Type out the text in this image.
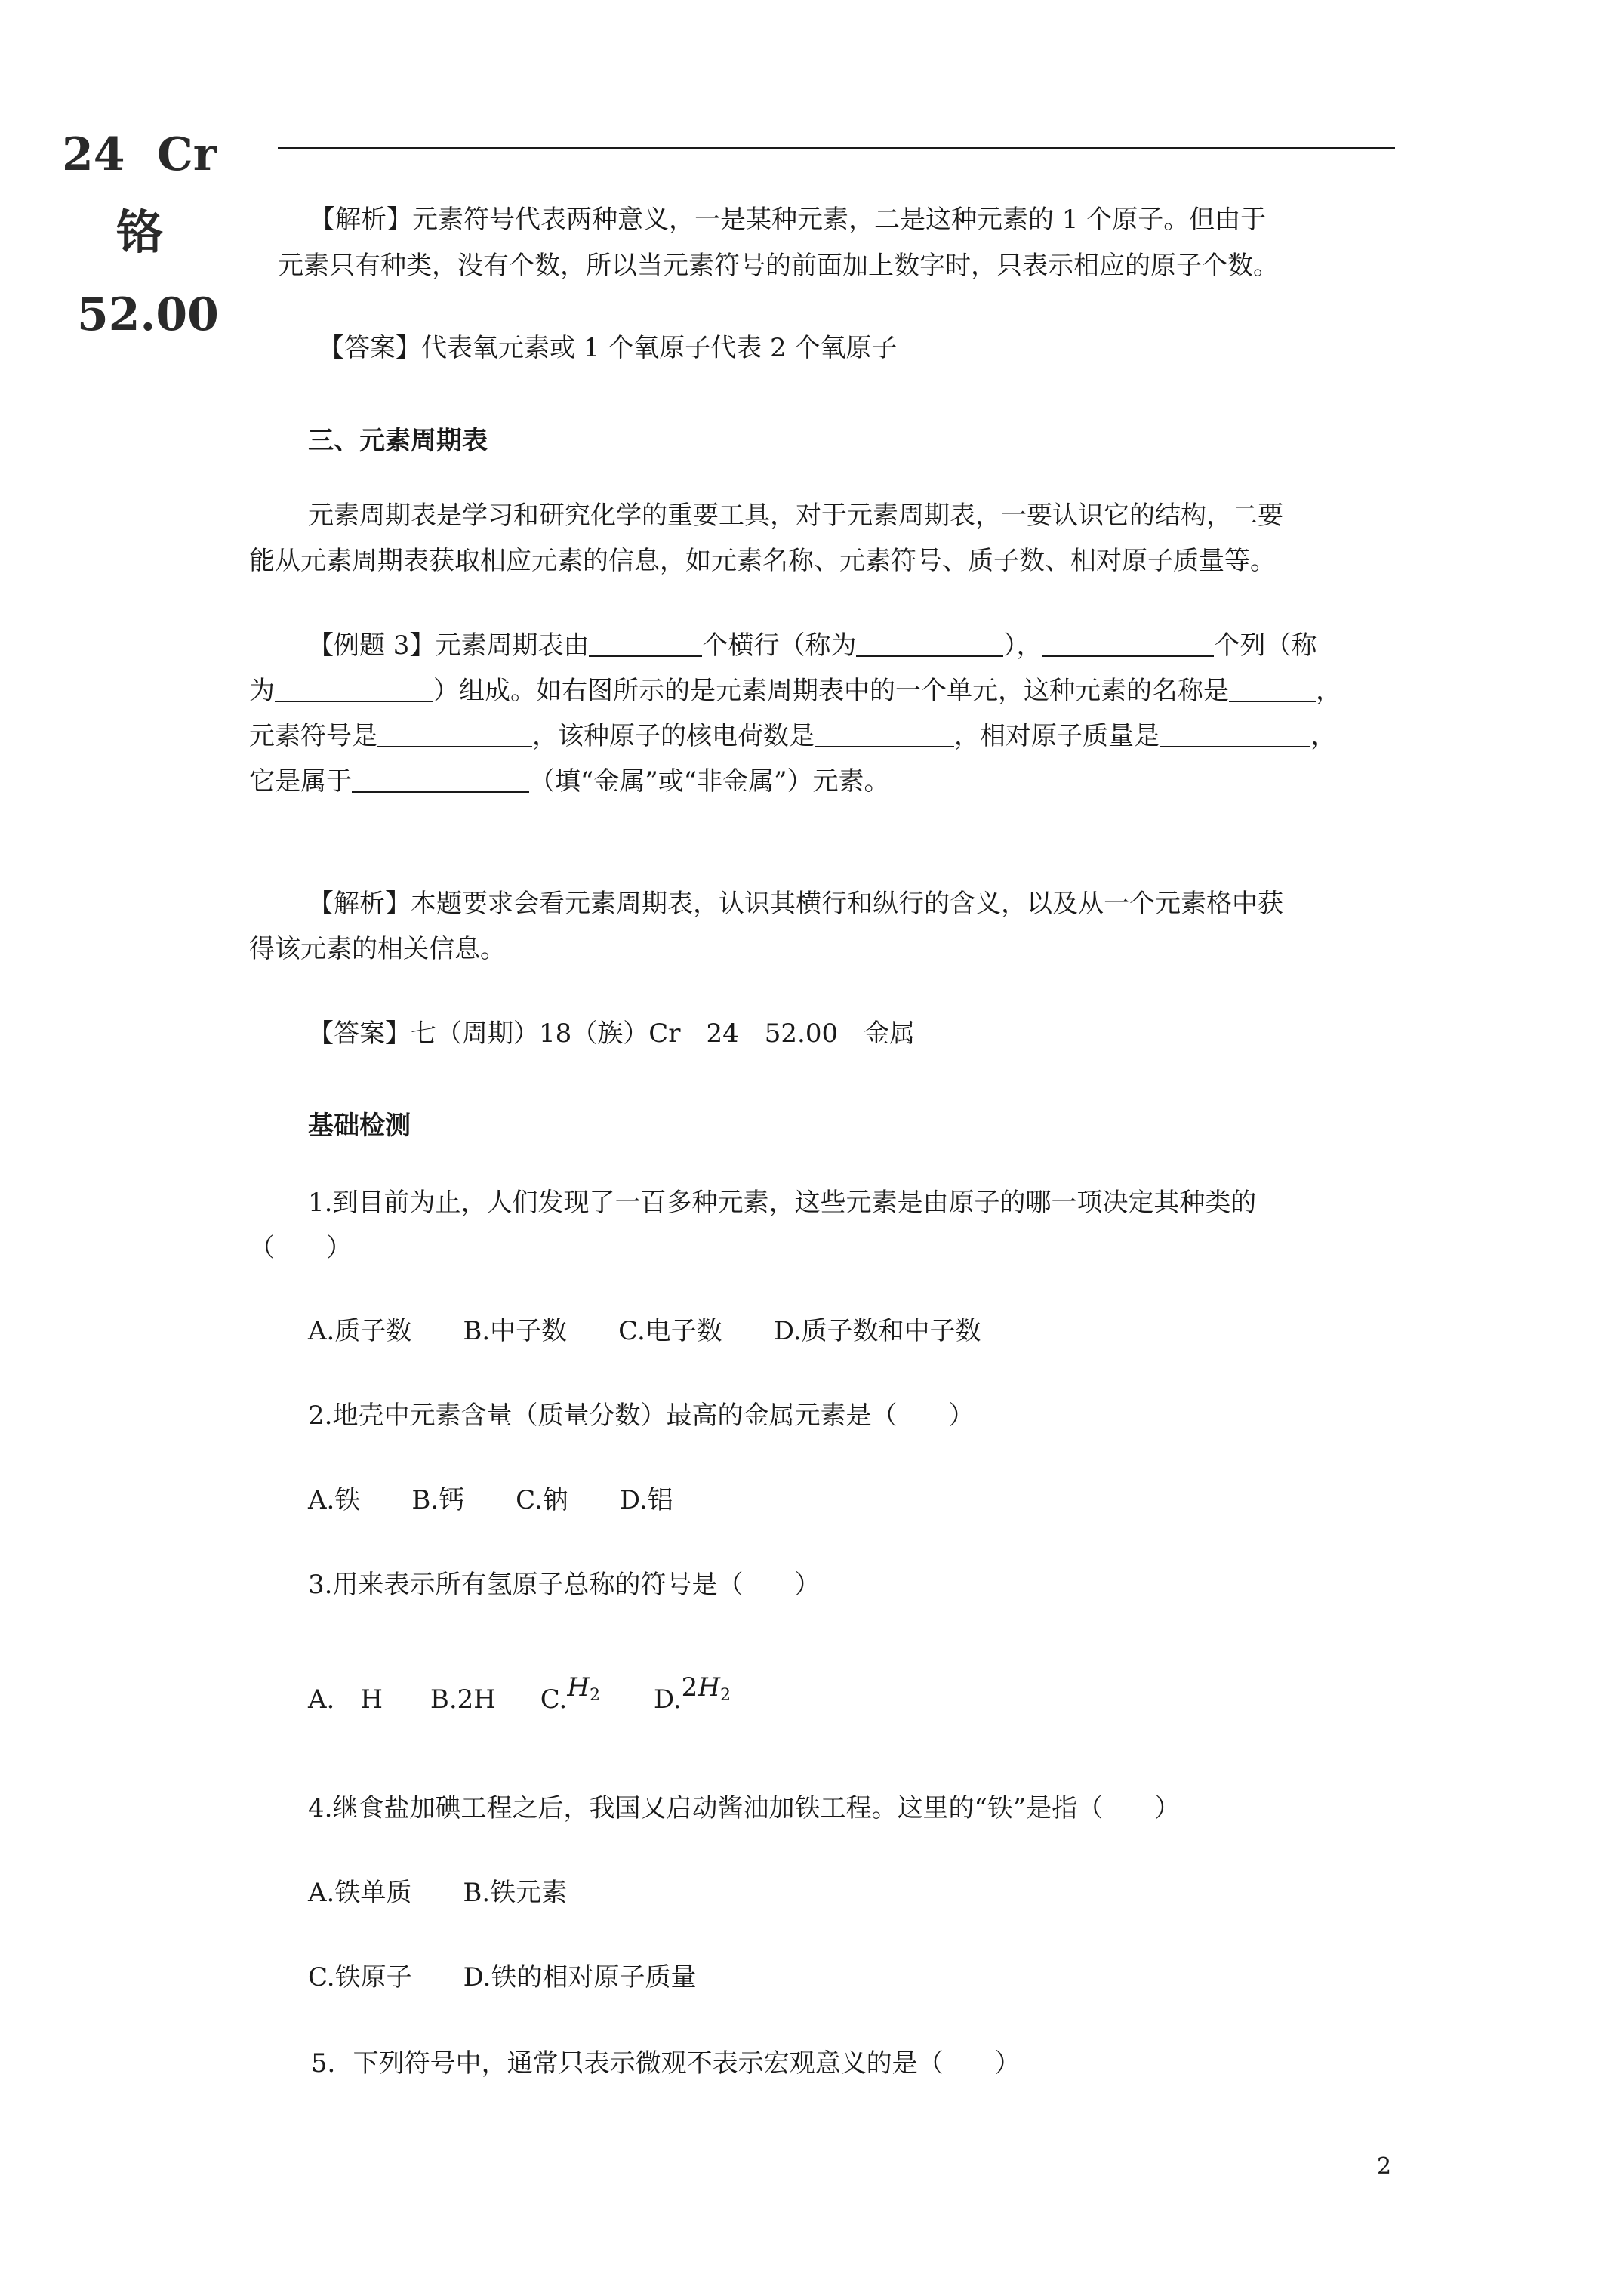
24 Cr
铬
52.00
【解析】元素符号代表两种意义，一是某种元素，二是这种元素的 1 个原子。但由于
元素只有种类，没有个数，所以当元素符号的前面加上数字时，只表示相应的原子个数。
【答案】代表氧元素或 1 个氧原子代表 2 个氧原子
三、元素周期表
元素周期表是学习和研究化学的重要工具，对于元素周期表，一要认识它的结构，二要
能从元素周期表获取相应元素的信息，如元素名称、元素符号、质子数、相对原子质量等。
【例题 3】元素周期表由	个横行（称为	），	个列（称
为	）组成。如右图所示的是元素周期表中的一个单元，这种元素的名称是	，
元素符号是	，该种原子的核电荷数是	，相对原子质量是	，
它是属于	（填“金属”或“非金属”）元素。
【解析】本题要求会看元素周期表，认识其横行和纵行的含义，以及从一个元素格中获
得该元素的相关信息。
【答案】七（周期）18（族）Cr　24　52.00　金属
基础检测
1.到目前为止，人们发现了一百多种元素，这些元素是由原子的哪一项决定其种类的
（　　）
A.质子数　　B.中子数　　C.电子数　　D.质子数和中子数
2.地壳中元素含量（质量分数）最高的金属元素是（　　）
A.铁　　B.钙　　C.钠　　D.铝
3.用来表示所有氢原子总称的符号是（　　）
A.　H B.2H $C.H_2$ $D.2H_2$
4.继食盐加碘工程之后，我国又启动酱油加铁工程。这里的“铁”是指（　　）
A.铁单质　　B.铁元素
C.铁原子　　D.铁的相对原子质量
5．下列符号中，通常只表示微观不表示宏观意义的是（　　）
2
